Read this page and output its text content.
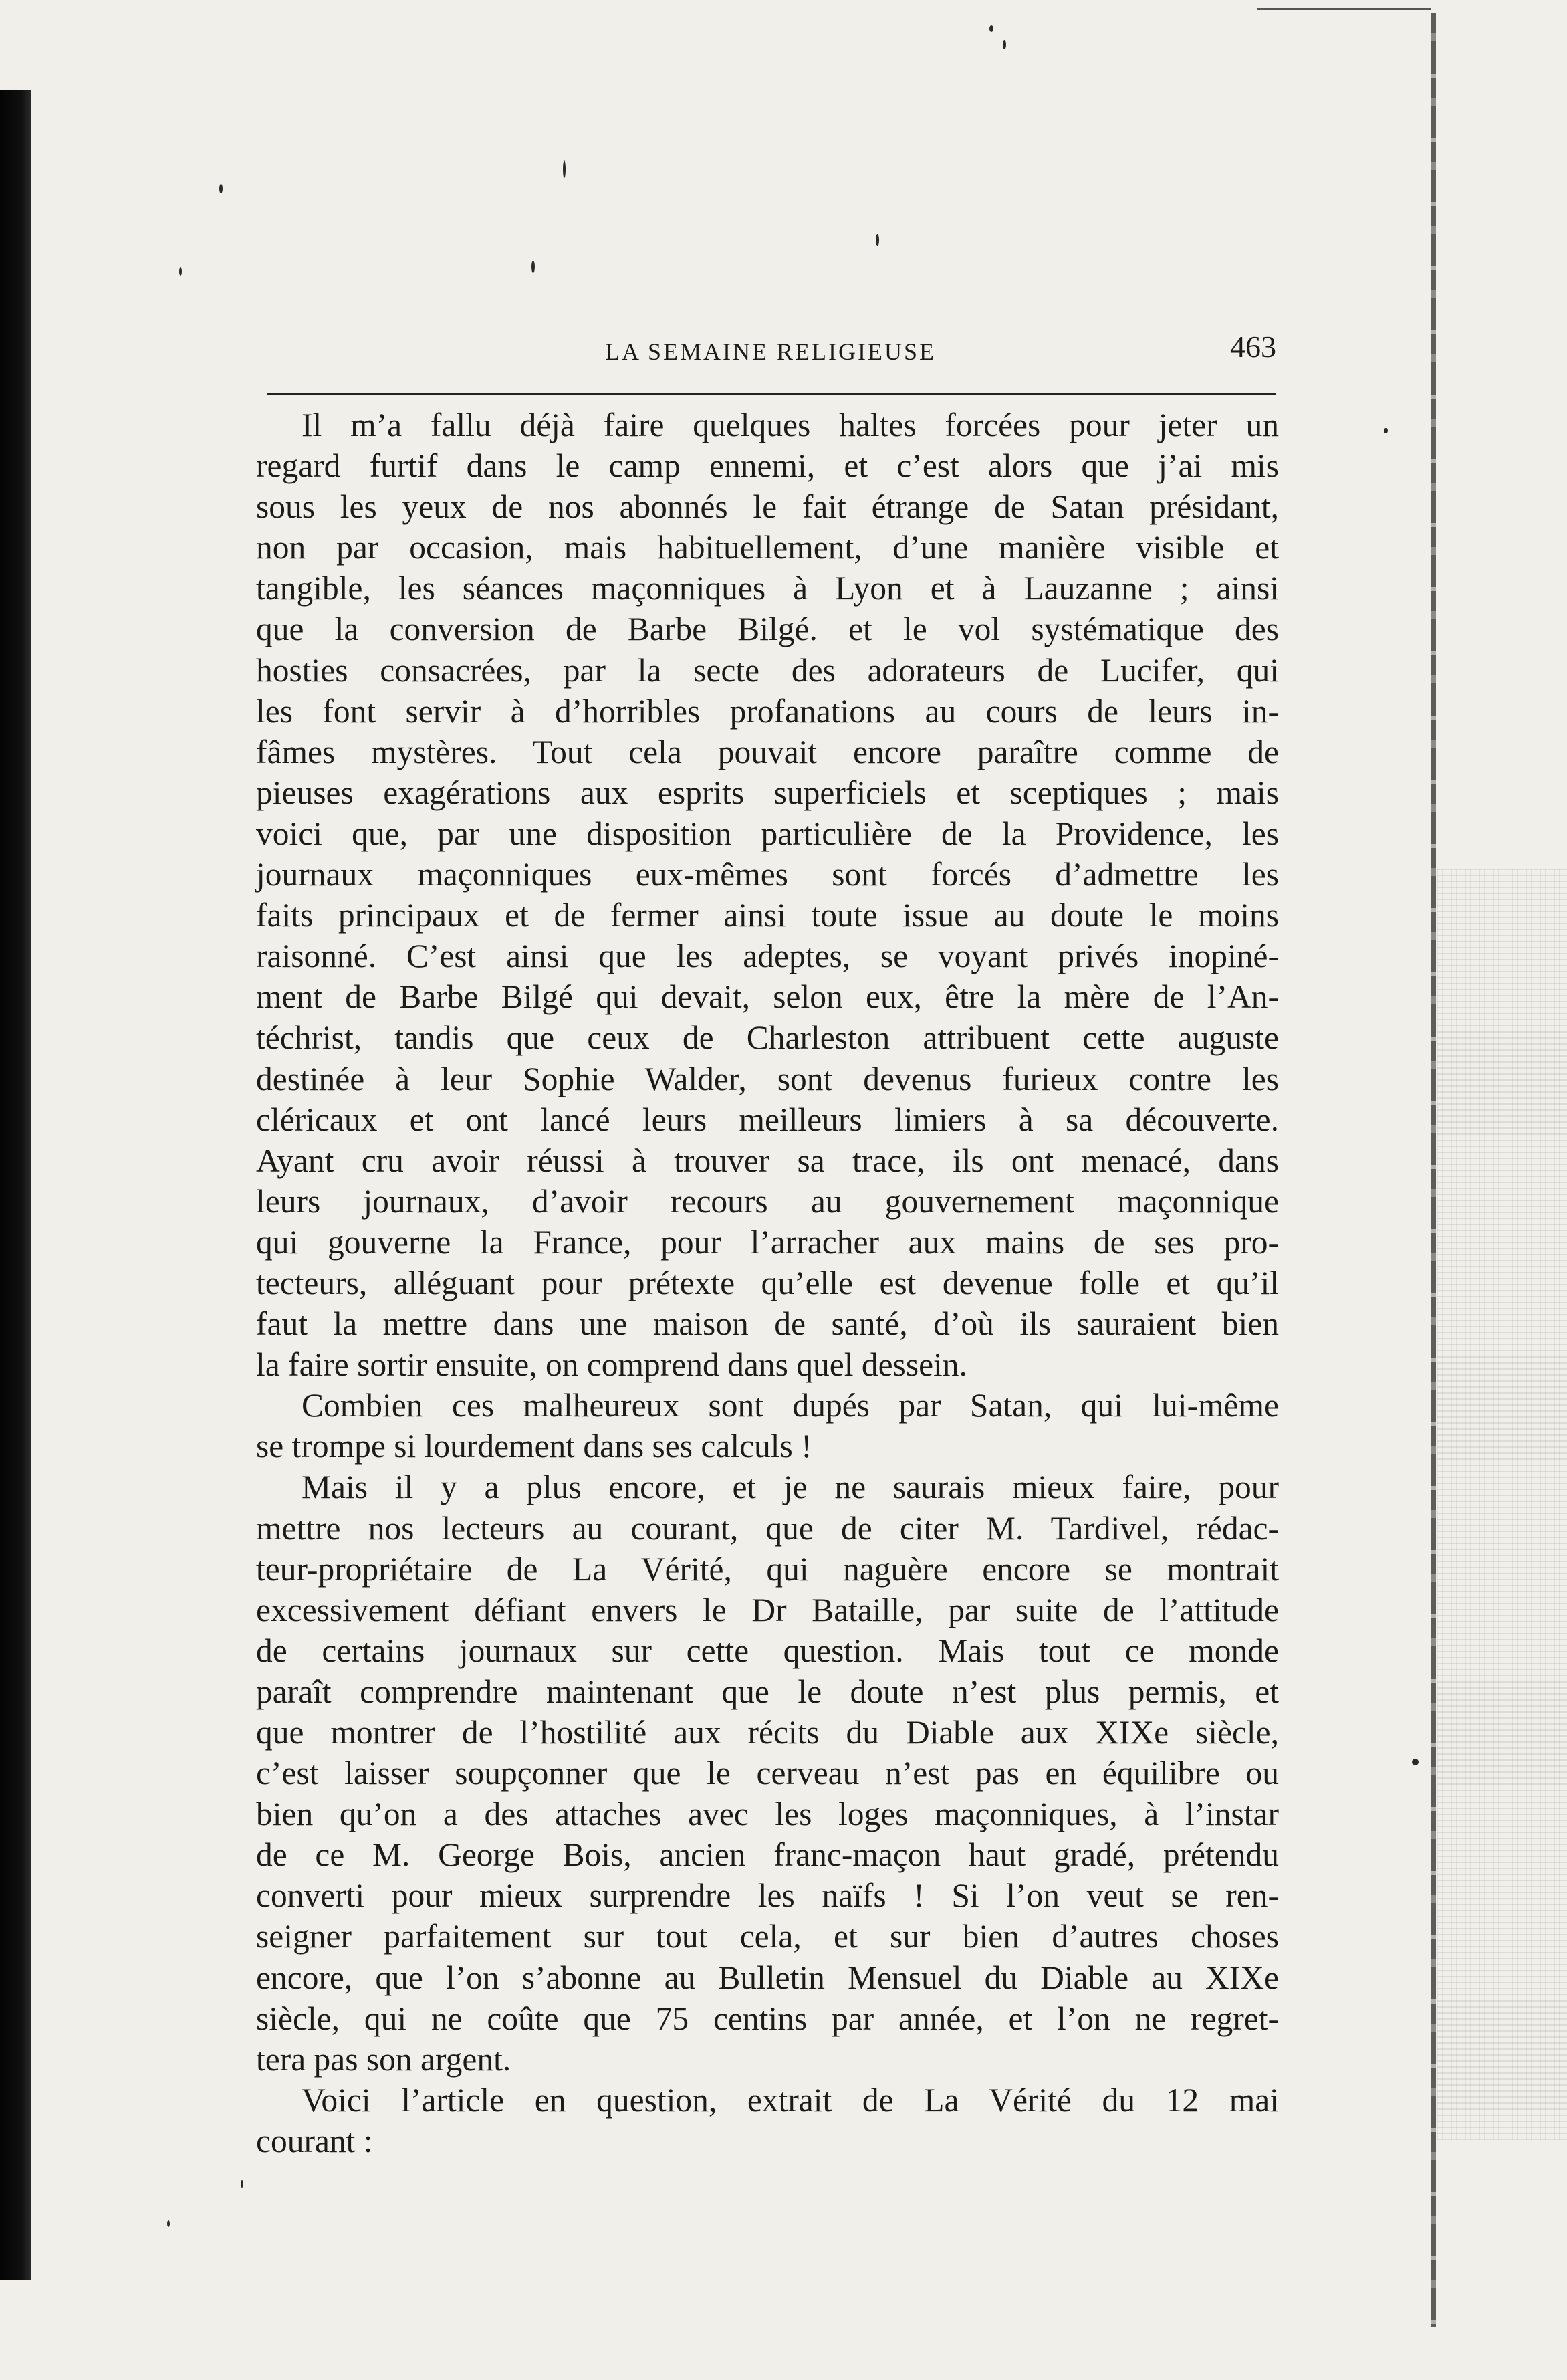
LA SEMAINE RELIGIEUSE	463
Il m’a fallu déjà faire quelques haltes forcées pour jeter un
regard furtif dans le camp ennemi, et c’est alors que j’ai mis
sous les yeux de nos abonnés le fait étrange de Satan présidant,
non par occasion, mais habituellement, d’une manière visible et
tangible, les séances maçonniques à Lyon et à Lauzanne ; ainsi
que la conversion de Barbe Bilgé. et le vol systématique des
hosties consacrées, par la secte des adorateurs de Lucifer, qui
les font servir à d’horribles profanations au cours de leurs in-
fâmes mystères. Tout cela pouvait encore paraître comme de
pieuses exagérations aux esprits superficiels et sceptiques ; mais
voici que, par une disposition particulière de la Providence, les
journaux maçonniques eux-mêmes sont forcés d’admettre les
faits principaux et de fermer ainsi toute issue au doute le moins
raisonné. C’est ainsi que les adeptes, se voyant privés inopiné-
ment de Barbe Bilgé qui devait, selon eux, être la mère de l’An-
téchrist, tandis que ceux de Charleston attribuent cette auguste
destinée à leur Sophie Walder, sont devenus furieux contre les
cléricaux et ont lancé leurs meilleurs limiers à sa découverte.
Ayant cru avoir réussi à trouver sa trace, ils ont menacé, dans
leurs journaux, d’avoir recours au gouvernement maçonnique
qui gouverne la France, pour l’arracher aux mains de ses pro-
tecteurs, alléguant pour prétexte qu’elle est devenue folle et qu’il
faut la mettre dans une maison de santé, d’où ils sauraient bien
la faire sortir ensuite, on comprend dans quel dessein.
Combien ces malheureux sont dupés par Satan, qui lui-même
se trompe si lourdement dans ses calculs !
Mais il y a plus encore, et je ne saurais mieux faire, pour
mettre nos lecteurs au courant, que de citer M. Tardivel, rédac-
teur-propriétaire de La Vérité, qui naguère encore se montrait
excessivement défiant envers le Dr Bataille, par suite de l’attitude
de certains journaux sur cette question. Mais tout ce monde
paraît comprendre maintenant que le doute n’est plus permis, et
que montrer de l’hostilité aux récits du Diable aux XIXe siècle,
c’est laisser soupçonner que le cerveau n’est pas en équilibre ou
bien qu’on a des attaches avec les loges maçonniques, à l’instar
de ce M. George Bois, ancien franc-maçon haut gradé, prétendu
converti pour mieux surprendre les naïfs ! Si l’on veut se ren-
seigner parfaitement sur tout cela, et sur bien d’autres choses
encore, que l’on s’abonne au Bulletin Mensuel du Diable au XIXe
siècle, qui ne coûte que 75 centins par année, et l’on ne regret-
tera pas son argent.
Voici l’article en question, extrait de La Vérité du 12 mai
courant :
